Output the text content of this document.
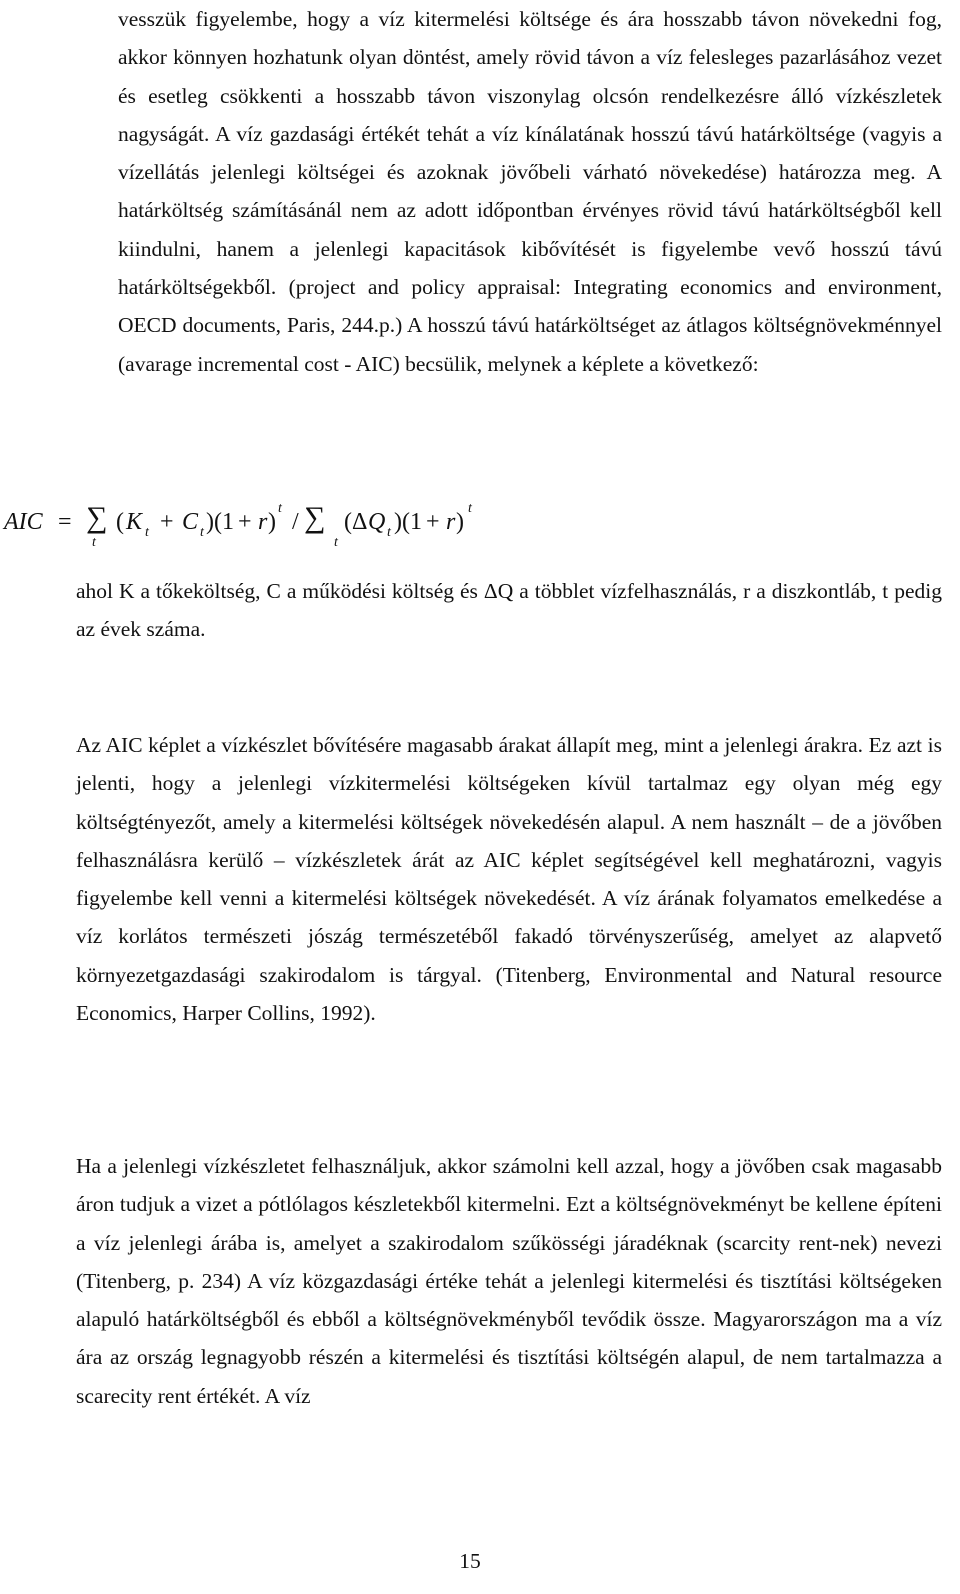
vesszük figyelembe, hogy a víz kitermelési költsége és ára hosszabb távon növekedni fog, akkor könnyen hozhatunk olyan döntést, amely rövid távon a víz felesleges pazarlásához vezet és esetleg csökkenti a hosszabb távon viszonylag olcsón rendelkezésre álló vízkészletek nagyságát. A víz gazdasági értékét tehát a víz kínálatának hosszú távú határköltsége (vagyis a vízellátás jelenlegi költségei és azoknak jövőbeli várható növekedése) határozza meg. A határköltség számításánál nem az adott időpontban érvényes rövid távú határköltségből kell kiindulni, hanem a jelenlegi kapacitások kibővítését is figyelembe vevő hosszú távú határköltségekből. (project and policy appraisal: Integrating economics and environment, OECD documents, Paris, 244.p.) A hosszú távú határköltséget az átlagos költségnövekménnyel (avarage incremental cost - AIC) becsülik, melynek a képlete a következő:

AIC = ∑
t
( K t + C t )(1 + r )
t
/ ∑
t
( Δ Q t )(1 + r )
t

ahol K a tőkeköltség, C a működési költség és ΔQ a többlet vízfelhasználás, r a diszkontláb, t pedig az évek száma.

Az AIC képlet a vízkészlet bővítésére magasabb árakat állapít meg, mint a jelenlegi árakra. Ez azt is jelenti, hogy a jelenlegi vízkitermelési költségeken kívül tartalmaz egy olyan még egy költségtényezőt, amely a kitermelési költségek növekedésén alapul. A nem használt – de a jövőben felhasználásra kerülő – vízkészletek árát az AIC képlet segítségével kell meghatározni, vagyis figyelembe kell venni a kitermelési költségek növekedését. A víz árának folyamatos emelkedése a víz korlátos természeti jószág természetéből fakadó törvényszerűség, amelyet az alapvető környezetgazdasági szakirodalom is tárgyal. (Titenberg, Environmental and Natural resource Economics, Harper Collins, 1992).

Ha a jelenlegi vízkészletet felhasználjuk, akkor számolni kell azzal, hogy a jövőben csak magasabb áron tudjuk a vizet a pótlólagos készletekből kitermelni. Ezt a költségnövekményt be kellene építeni a víz jelenlegi árába is, amelyet a szakirodalom szűkösségi járadéknak (scarcity rent-nek) nevezi (Titenberg, p. 234) A víz közgazdasági értéke tehát a jelenlegi kitermelési és tisztítási költségeken alapuló határköltségből és ebből a költségnövekményből tevődik össze. Magyarországon ma a víz ára az ország legnagyobb részén a kitermelési és tisztítási költségén alapul, de nem tartalmazza a scarecity rent értékét. A víz

15
